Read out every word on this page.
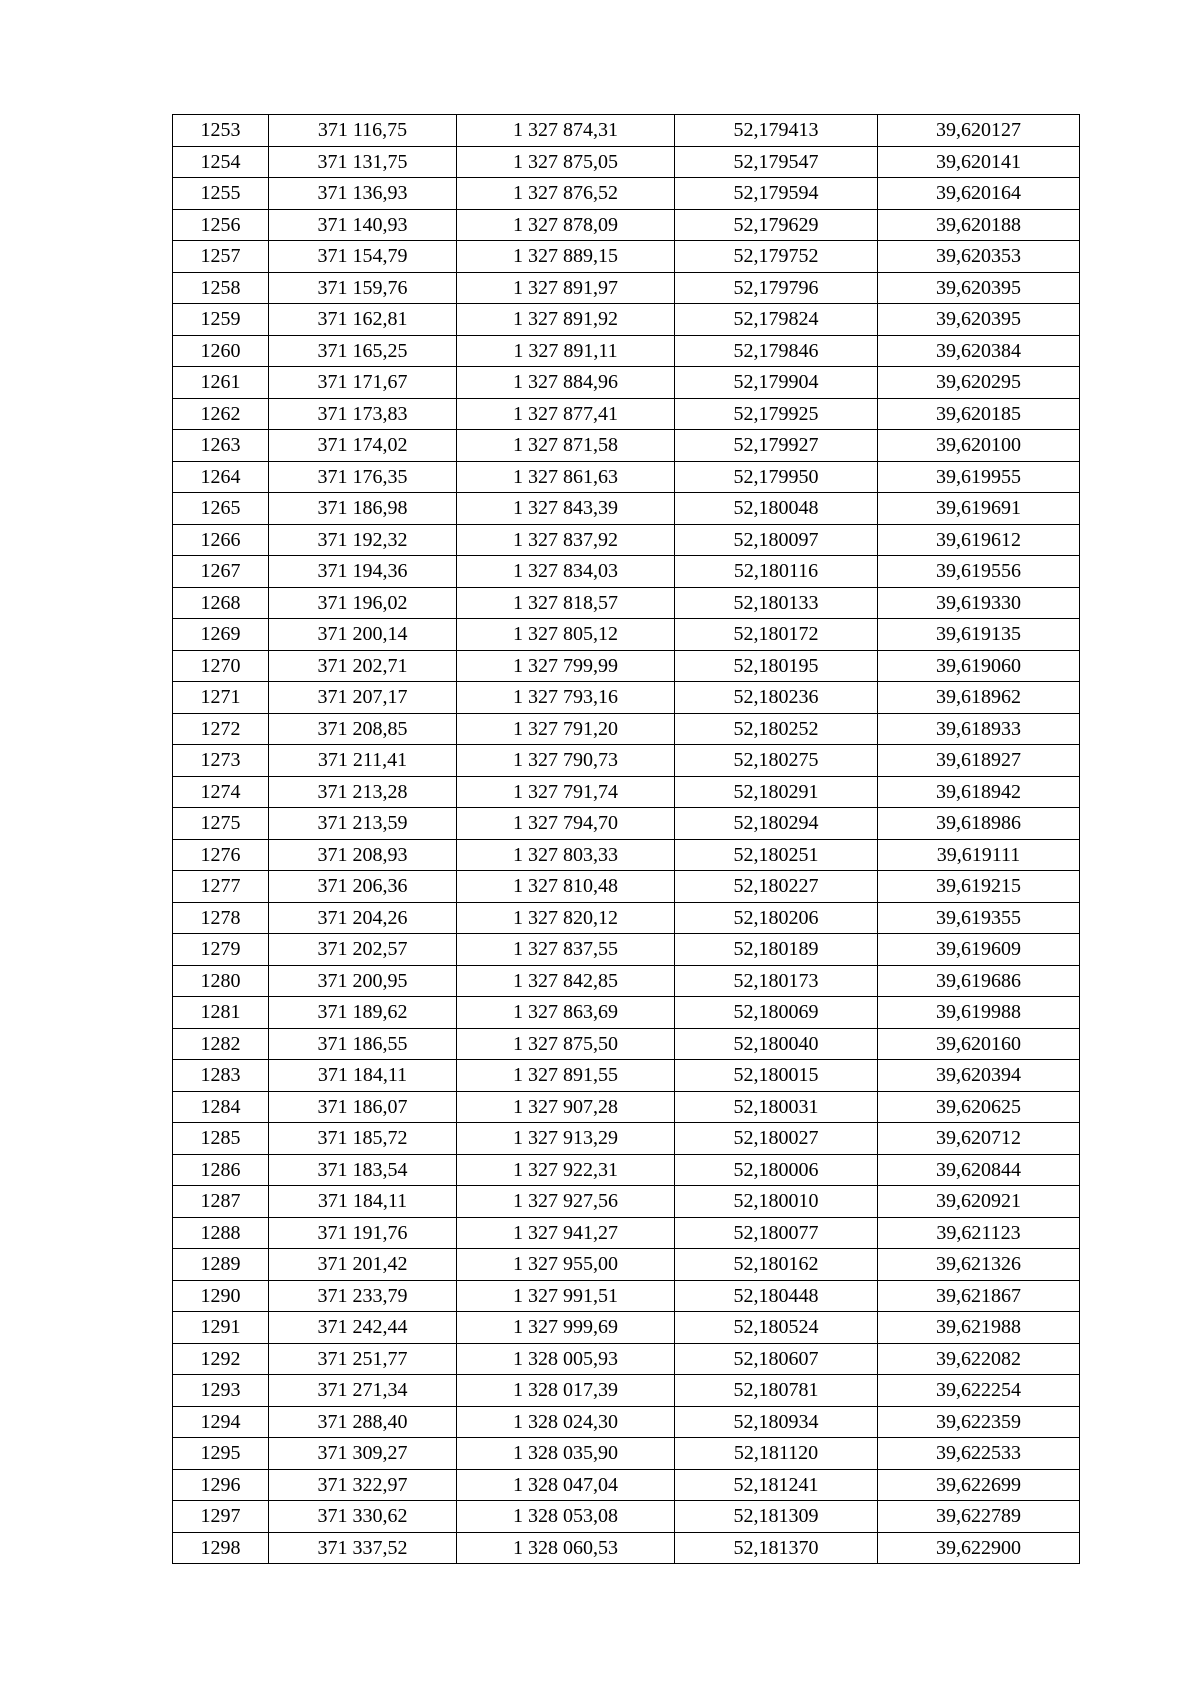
1253	371 116,75	1 327 874,31	52,179413	39,620127
1254	371 131,75	1 327 875,05	52,179547	39,620141
1255	371 136,93	1 327 876,52	52,179594	39,620164
1256	371 140,93	1 327 878,09	52,179629	39,620188
1257	371 154,79	1 327 889,15	52,179752	39,620353
1258	371 159,76	1 327 891,97	52,179796	39,620395
1259	371 162,81	1 327 891,92	52,179824	39,620395
1260	371 165,25	1 327 891,11	52,179846	39,620384
1261	371 171,67	1 327 884,96	52,179904	39,620295
1262	371 173,83	1 327 877,41	52,179925	39,620185
1263	371 174,02	1 327 871,58	52,179927	39,620100
1264	371 176,35	1 327 861,63	52,179950	39,619955
1265	371 186,98	1 327 843,39	52,180048	39,619691
1266	371 192,32	1 327 837,92	52,180097	39,619612
1267	371 194,36	1 327 834,03	52,180116	39,619556
1268	371 196,02	1 327 818,57	52,180133	39,619330
1269	371 200,14	1 327 805,12	52,180172	39,619135
1270	371 202,71	1 327 799,99	52,180195	39,619060
1271	371 207,17	1 327 793,16	52,180236	39,618962
1272	371 208,85	1 327 791,20	52,180252	39,618933
1273	371 211,41	1 327 790,73	52,180275	39,618927
1274	371 213,28	1 327 791,74	52,180291	39,618942
1275	371 213,59	1 327 794,70	52,180294	39,618986
1276	371 208,93	1 327 803,33	52,180251	39,619111
1277	371 206,36	1 327 810,48	52,180227	39,619215
1278	371 204,26	1 327 820,12	52,180206	39,619355
1279	371 202,57	1 327 837,55	52,180189	39,619609
1280	371 200,95	1 327 842,85	52,180173	39,619686
1281	371 189,62	1 327 863,69	52,180069	39,619988
1282	371 186,55	1 327 875,50	52,180040	39,620160
1283	371 184,11	1 327 891,55	52,180015	39,620394
1284	371 186,07	1 327 907,28	52,180031	39,620625
1285	371 185,72	1 327 913,29	52,180027	39,620712
1286	371 183,54	1 327 922,31	52,180006	39,620844
1287	371 184,11	1 327 927,56	52,180010	39,620921
1288	371 191,76	1 327 941,27	52,180077	39,621123
1289	371 201,42	1 327 955,00	52,180162	39,621326
1290	371 233,79	1 327 991,51	52,180448	39,621867
1291	371 242,44	1 327 999,69	52,180524	39,621988
1292	371 251,77	1 328 005,93	52,180607	39,622082
1293	371 271,34	1 328 017,39	52,180781	39,622254
1294	371 288,40	1 328 024,30	52,180934	39,622359
1295	371 309,27	1 328 035,90	52,181120	39,622533
1296	371 322,97	1 328 047,04	52,181241	39,622699
1297	371 330,62	1 328 053,08	52,181309	39,622789
1298	371 337,52	1 328 060,53	52,181370	39,622900
